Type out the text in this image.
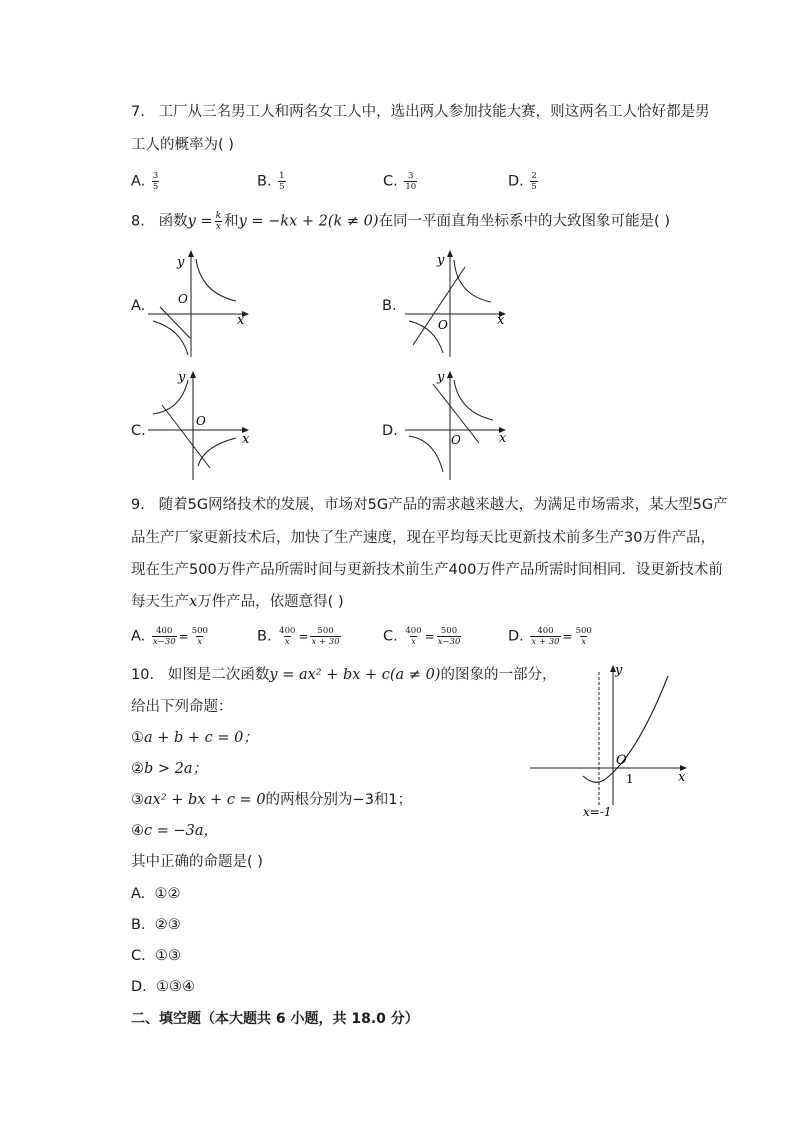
7. 工厂从三名男工人和两名女工人中，选出两人参加技能大赛，则这两名工人恰好都是男
工人的概率为( )
A. $\frac{3}{5}$	B. $\frac{1}{5}$	C. $\frac{3}{10}$	D. $\frac{2}{5}$
8. 函数$y = \frac{k}{x}$ 和y = −kx + 2(k ≠ 0)在同一平面直角坐标系中的大致图象可能是( )
A.	B.
C.	D.
y
O
x
y
O	x
y
O
x
y
O	x
9. 随着5G网络技术的发展，市场对5G产品的需求越来越大，为满足市场需求，某大型5G产
品生产厂家更新技术后，加快了生产速度，现在平均每天比更新技术前多生产30万件产品，
现在生产500万件产品所需时间与更新技术前生产400万件产品所需时间相同．设更新技术前
每天生产x万件产品，依题意得( )
A. $\frac{400}{x-30} = \frac{500}{x}$	B. $\frac{400}{x} = \frac{500}{x + 30}$	C. $\frac{400}{x} = \frac{500}{x-30}$	D. $\frac{400}{x + 30} = \frac{500}{x}$
10. 如图是二次函数y = ax² + bx + c(a ≠ 0)的图象的一部分，
给出下列命题：
①a + b + c = 0；
②b > 2a；
③ax² + bx + c = 0的两根分别为−3和1；
④c = −3a，
其中正确的命题是( )
A. ①②
B. ②③
C. ①③
D. ①③④
y
O
1	x
x=-1
二、填空题（本大题共 6 小题，共 18.0 分）
